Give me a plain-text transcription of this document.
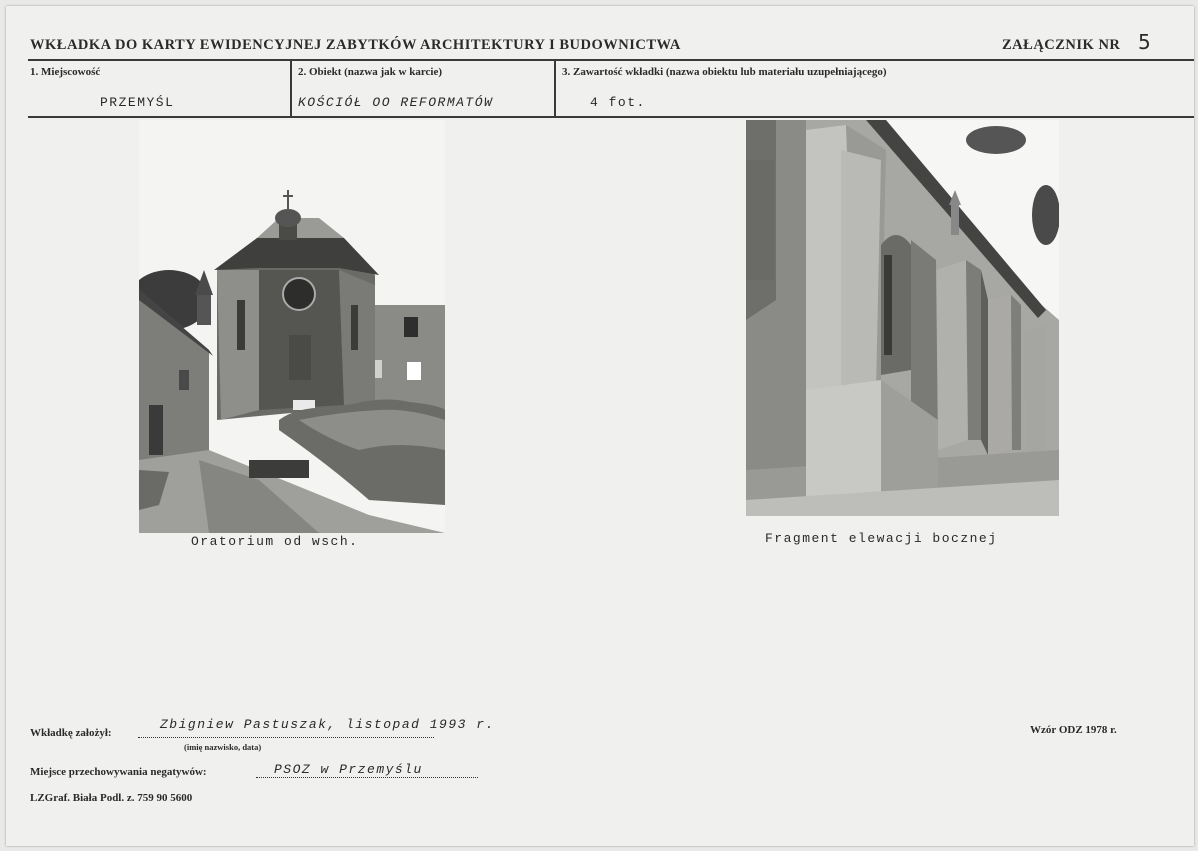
WKŁADKA DO KARTY EWIDENCYJNEJ ZABYTKÓW ARCHITEKTURY I BUDOWNICTWA	ZAŁĄCZNIK NR 5
1. Miejscowość
PRZEMYŚL
2. Obiekt (nazwa jak w karcie)
KOŚCIÓŁ OO REFORMATÓW
3. Zawartość wkładki (nazwa obiektu lub materiału uzupełniającego)
4 fot.
Oratorium od wsch.	Fragment elewacji bocznej
Wkładkę założył:
Zbigniew Pastuszak, listopad 1993 r.
(imię nazwisko, data)
Miejsce przechowywania negatywów:	PSOZ w Przemyślu
Wzór ODZ 1978 r.
LZGraf. Biała Podl. z. 759 90 5600
